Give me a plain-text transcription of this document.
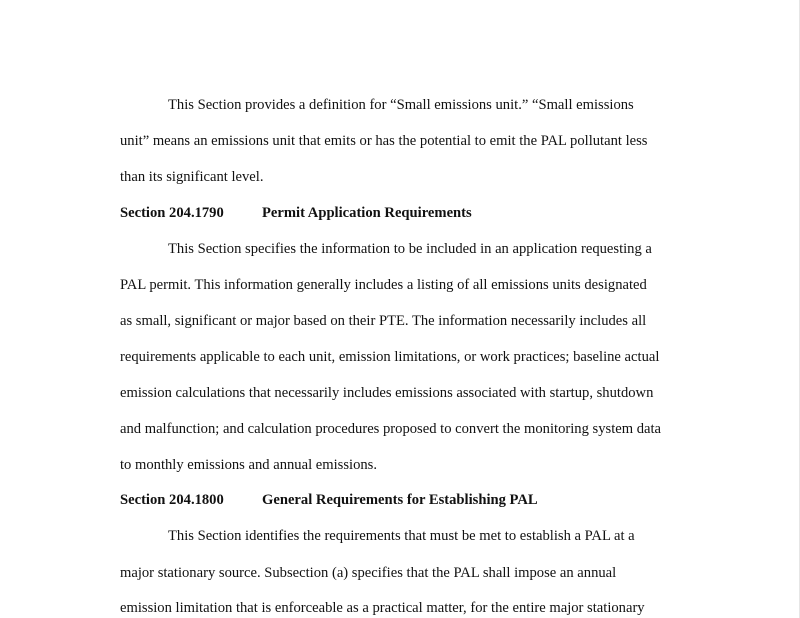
This Section provides a definition for “Small emissions unit.” “Small emissions
unit” means an emissions unit that emits or has the potential to emit the PAL pollutant less
than its significant level.
Section 204.1790	Permit Application Requirements
This Section specifies the information to be included in an application requesting a
PAL permit. This information generally includes a listing of all emissions units designated
as small, significant or major based on their PTE. The information necessarily includes all
requirements applicable to each unit, emission limitations, or work practices; baseline actual
emission calculations that necessarily includes emissions associated with startup, shutdown
and malfunction; and calculation procedures proposed to convert the monitoring system data
to monthly emissions and annual emissions.
Section 204.1800	General Requirements for Establishing PAL
This Section identifies the requirements that must be met to establish a PAL at a
major stationary source. Subsection (a) specifies that the PAL shall impose an annual
emission limitation that is enforceable as a practical matter, for the entire major stationary
